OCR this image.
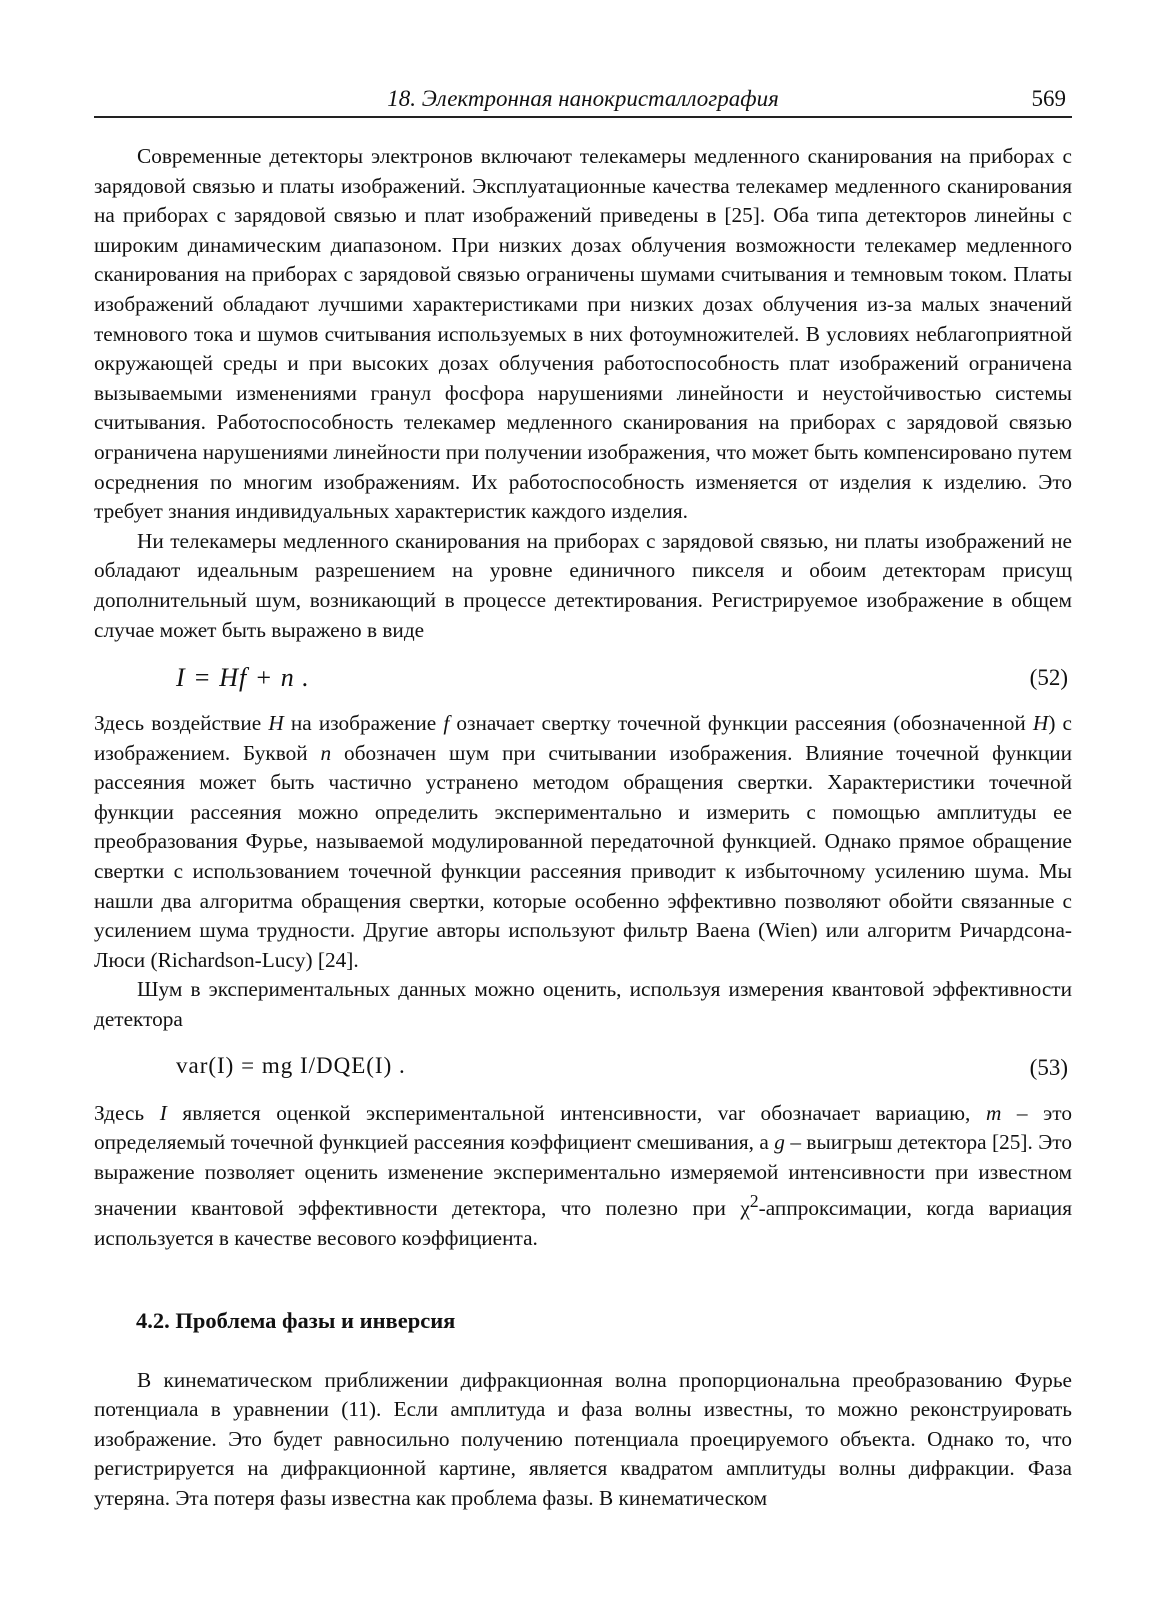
18. Электронная нанокристаллография	569

Современные детекторы электронов включают телекамеры медленного сканирования на приборах с зарядовой связью и платы изображений. Эксплуатационные качества телекамер медленного сканирования на приборах с зарядовой связью и плат изображений приведены в [25]. Оба типа детекторов линейны с широким динамическим диапазоном. При низких дозах облучения возможности телекамер медленного сканирования на приборах с зарядовой связью ограничены шумами считывания и темновым током. Платы изображений обладают лучшими характеристиками при низких дозах облучения из-за малых значений темнового тока и шумов считывания используемых в них фотоумножителей. В условиях неблагоприятной окружающей среды и при высоких дозах облучения работоспособность плат изображений ограничена вызываемыми изменениями гранул фосфора нарушениями линейности и неустойчивостью системы считывания. Работоспособность телекамер медленного сканирования на приборах с зарядовой связью ограничена нарушениями линейности при получении изображения, что может быть компенсировано путем осреднения по многим изображениям. Их работоспособность изменяется от изделия к изделию. Это требует знания индивидуальных характеристик каждого изделия.

Ни телекамеры медленного сканирования на приборах с зарядовой связью, ни платы изображений не обладают идеальным разрешением на уровне единичного пикселя и обоим детекторам присущ дополнительный шум, возникающий в процессе детектирования. Регистрируемое изображение в общем случае может быть выражено в виде

I = Hf + n .	(52)

Здесь воздействие H на изображение f означает свертку точечной функции рассеяния (обозначенной H) с изображением. Буквой n обозначен шум при считывании изображения. Влияние точечной функции рассеяния может быть частично устранено методом обращения свертки. Характеристики точечной функции рассеяния можно определить экспериментально и измерить с помощью амплитуды ее преобразования Фурье, называемой модулированной передаточной функцией. Однако прямое обращение свертки с использованием точечной функции рассеяния приводит к избыточному усилению шума. Мы нашли два алгоритма обращения свертки, которые особенно эффективно позволяют обойти связанные с усилением шума трудности. Другие авторы используют фильтр Ваена (Wien) или алгоритм Ричардсона-Люси (Richardson-Lucy) [24].

Шум в экспериментальных данных можно оценить, используя измерения квантовой эффективности детектора

var(I) = mg I/DQE(I) .	(53)

Здесь I является оценкой экспериментальной интенсивности, var обозначает вариацию, m – это определяемый точечной функцией рассеяния коэффициент смешивания, а g – выигрыш детектора [25]. Это выражение позволяет оценить изменение экспериментально измеряемой интенсивности при известном значении квантовой эффективности детектора, что полезно при $\chi^2$-аппроксимации, когда вариация используется в качестве весового коэффициента.

4.2. Проблема фазы и инверсия

В кинематическом приближении дифракционная волна пропорциональна преобразованию Фурье потенциала в уравнении (11). Если амплитуда и фаза волны известны, то можно реконструировать изображение. Это будет равносильно получению потенциала проецируемого объекта. Однако то, что регистрируется на дифракционной картине, является квадратом амплитуды волны дифракции. Фаза утеряна. Эта потеря фазы известна как проблема фазы. В кинематическом
